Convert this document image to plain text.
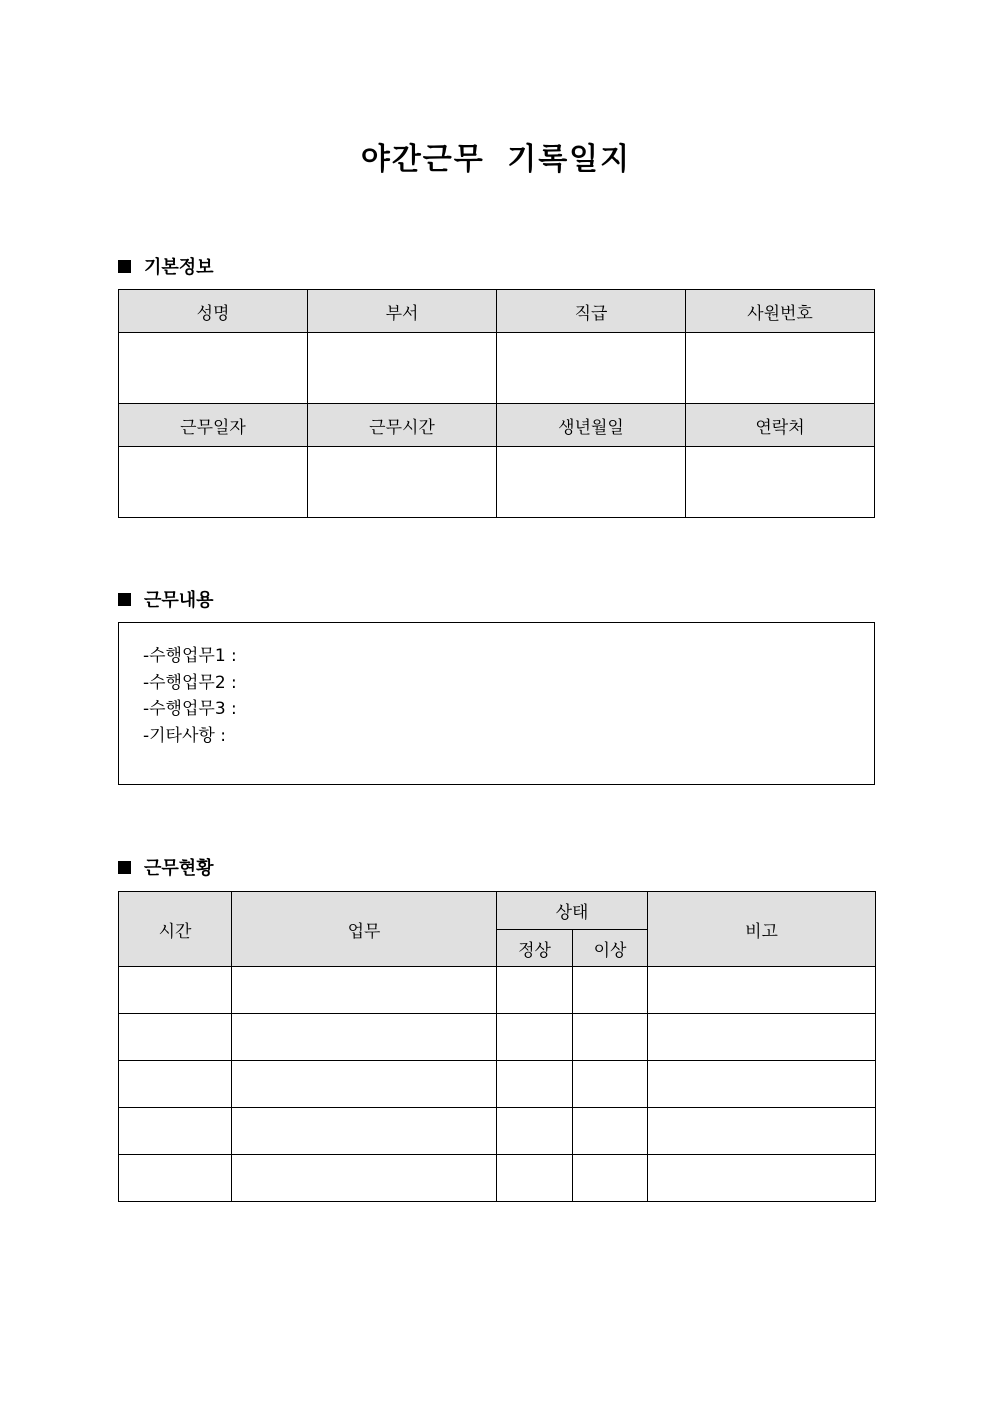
야간근무 기록일지
기본정보
성명	부서	직급	사원번호

근무일자	근무시간	생년월일	연락처

근무내용
-수행업무1 :
-수행업무2 :
-수행업무3 :
-기타사항 :
근무현황
시간	업무	상태		비고
		정상	이상	
